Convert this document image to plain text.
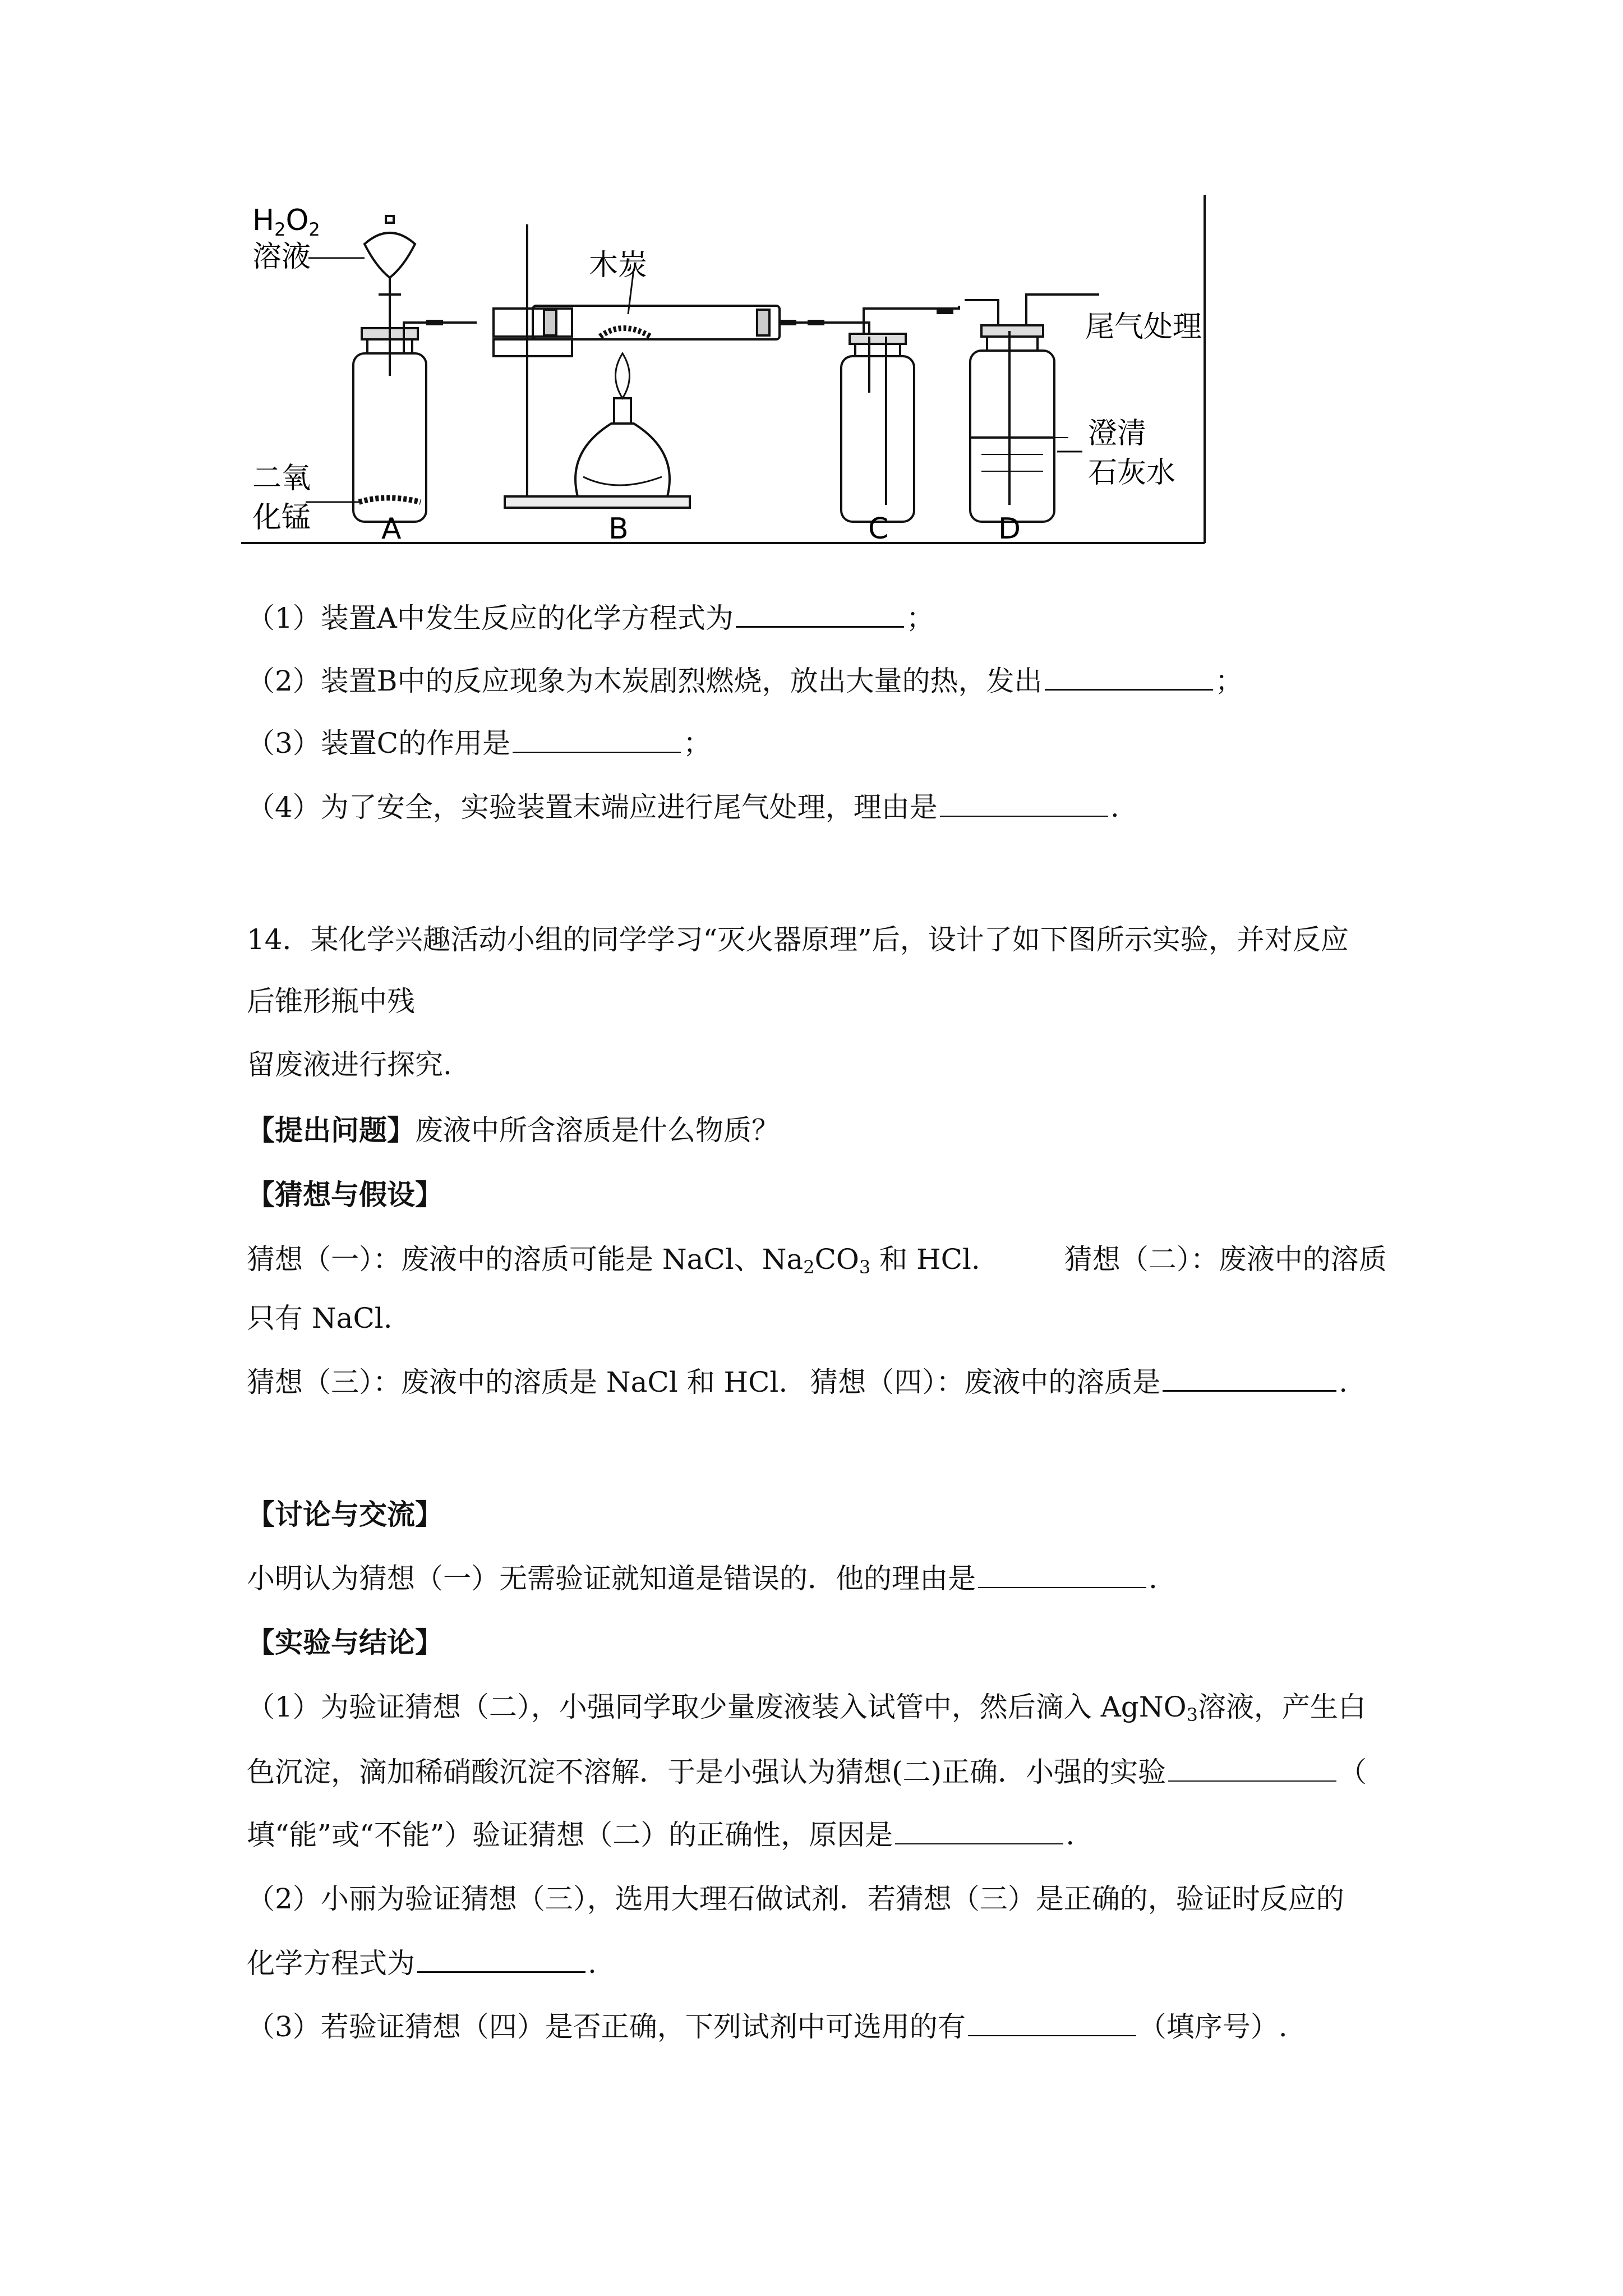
H2O2
溶液	木炭
尾气处理
澄清
石灰水
二氧
化锰 A	B	C	D
（1）装置A中发生反应的化学方程式为	；
（2）装置B中的反应现象为木炭剧烈燃烧，放出大量的热，发出	；
（3）装置C的作用是	；
（4）为了安全，实验装置末端应进行尾气处理，理由是	.
14．某化学兴趣活动小组的同学学习“灭火器原理”后，设计了如下图所示实验，并对反应
后锥形瓶中残
留废液进行探究.
【提出问题】废液中所含溶质是什么物质？
【猜想与假设】
猜想（一）：废液中的溶质可能是 NaCl、$Na_2CO_3$ 和 HCl.	猜想（二）：废液中的溶质
只有 NaCl.
猜想（三）：废液中的溶质是 NaCl 和 HCl. 猜想（四）：废液中的溶质是	.
【讨论与交流】
小明认为猜想（一）无需验证就知道是错误的．他的理由是	.
【实验与结论】
（1）为验证猜想（二），小强同学取少量废液装入试管中，然后滴入 AgNO$_3$溶液，产生白
色沉淀，滴加稀硝酸沉淀不溶解．于是小强认为猜想(二)正确．小强的实验	（
填“能”或“不能”）验证猜想（二）的正确性，原因是	.
（2）小丽为验证猜想（三），选用大理石做试剂．若猜想（三）是正确的，验证时反应的
化学方程式为	.
（3）若验证猜想（四）是否正确，下列试剂中可选用的有	（填序号）.
